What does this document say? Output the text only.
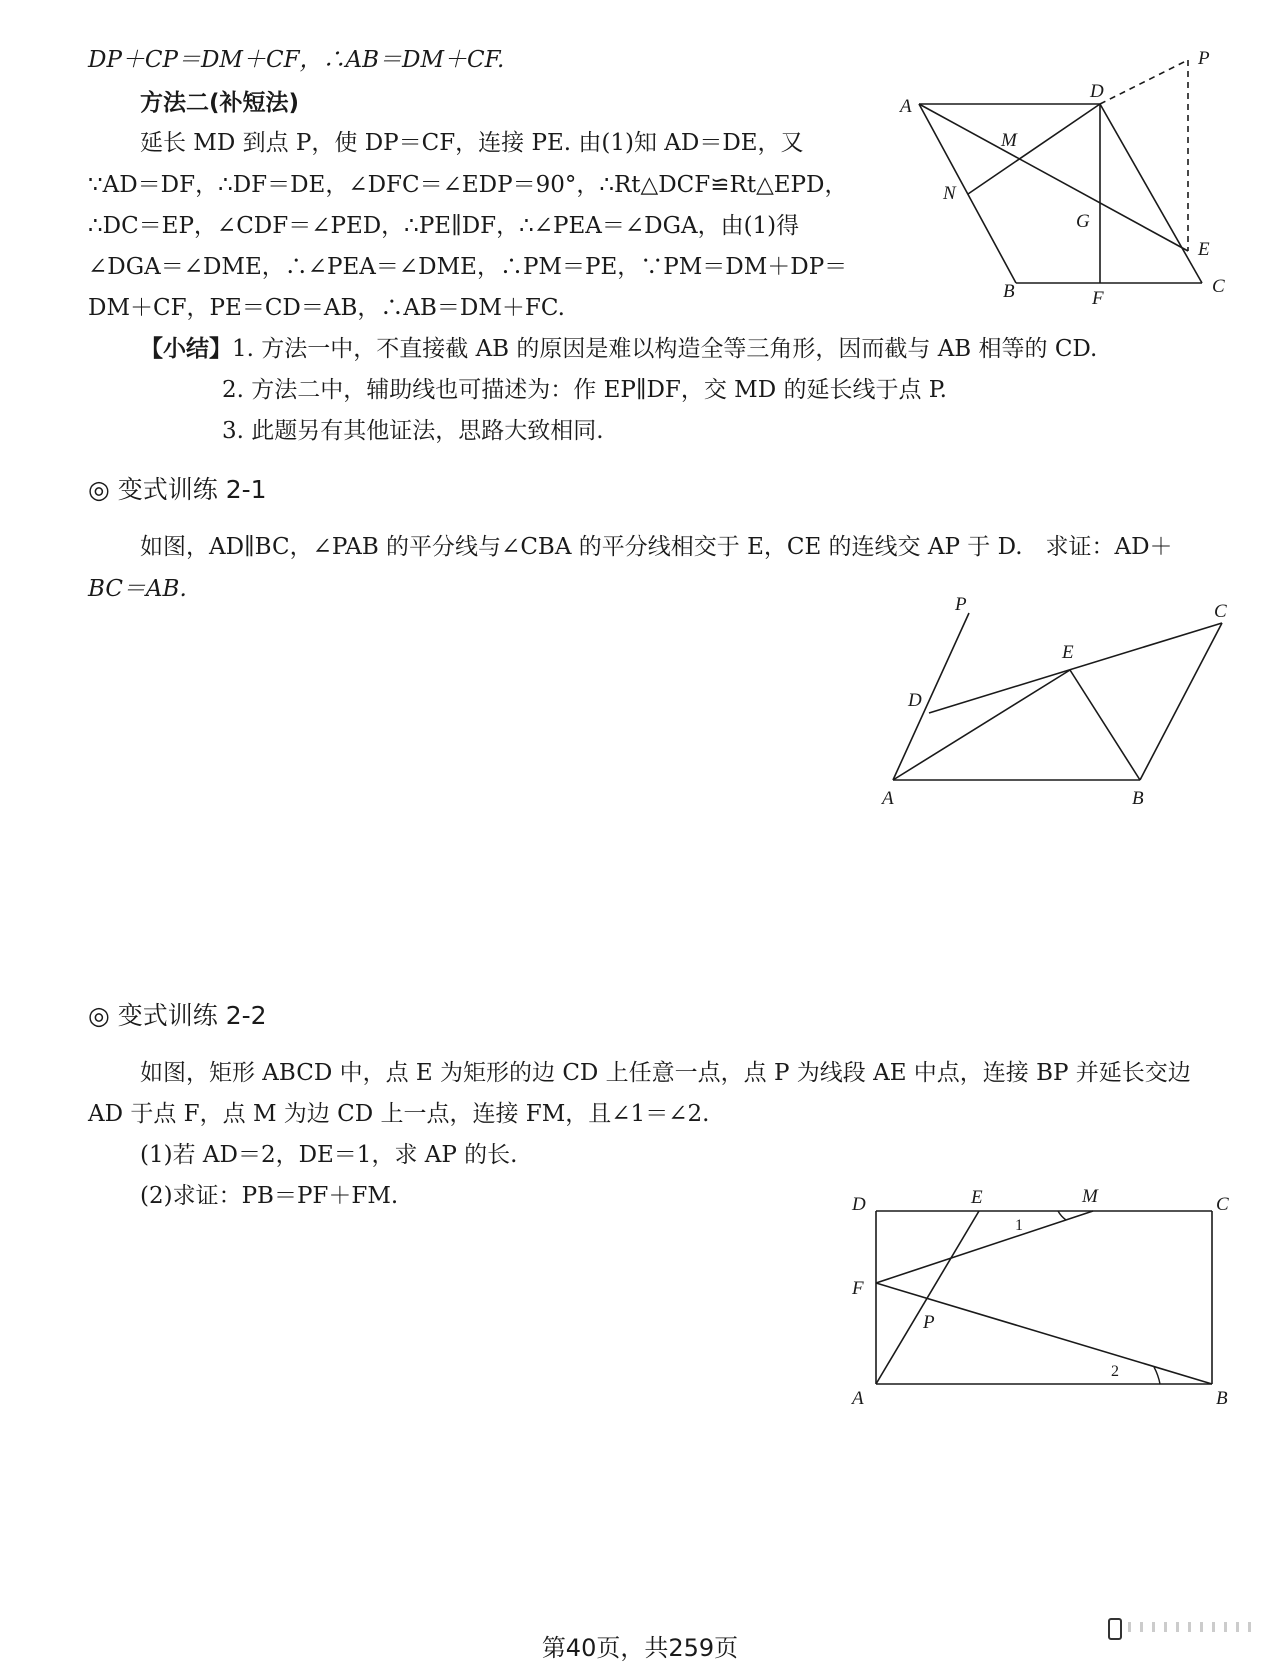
DP＋CP＝DM＋CF，∴AB＝DM＋CF.
方法二(补短法)
延长 MD 到点 P，使 DP＝CF，连接 PE. 由(1)知 AD＝DE，又
∵AD＝DF，∴DF＝DE，∠DFC＝∠EDP＝90°，∴Rt△DCF≌Rt△EPD，
∴DC＝EP，∠CDF＝∠PED，∴PE∥DF，∴∠PEA＝∠DGA，由(1)得
∠DGA＝∠DME，∴∠PEA＝∠DME，∴PM＝PE，∵PM＝DM＋DP＝
DM＋CF，PE＝CD＝AB，∴AB＝DM＋FC.
【小结】1. 方法一中，不直接截 AB 的原因是难以构造全等三角形，因而截与 AB 相等的 CD.
2. 方法二中，辅助线也可描述为：作 EP∥DF，交 MD 的延长线于点 P.
3. 此题另有其他证法，思路大致相同.
A
D
P
M
N
G
E
B	F
C
◎ 变式训练 2-1
如图，AD∥BC，∠PAB 的平分线与∠CBA 的平分线相交于 E，CE 的连线交 AP 于 D.　求证：AD＋
BC＝AB.
P	C
E
D
A	B
◎ 变式训练 2-2
如图，矩形 ABCD 中，点 E 为矩形的边 CD 上任意一点，点 P 为线段 AE 中点，连接 BP 并延长交边
AD 于点 F，点 M 为边 CD 上一点，连接 FM，且∠1＝∠2.
(1)若 AD＝2，DE＝1，求 AP 的长.
(2)求证：PB＝PF＋FM.	D	E	M	C
1
F
P
2
A	B
第40页，共259页
